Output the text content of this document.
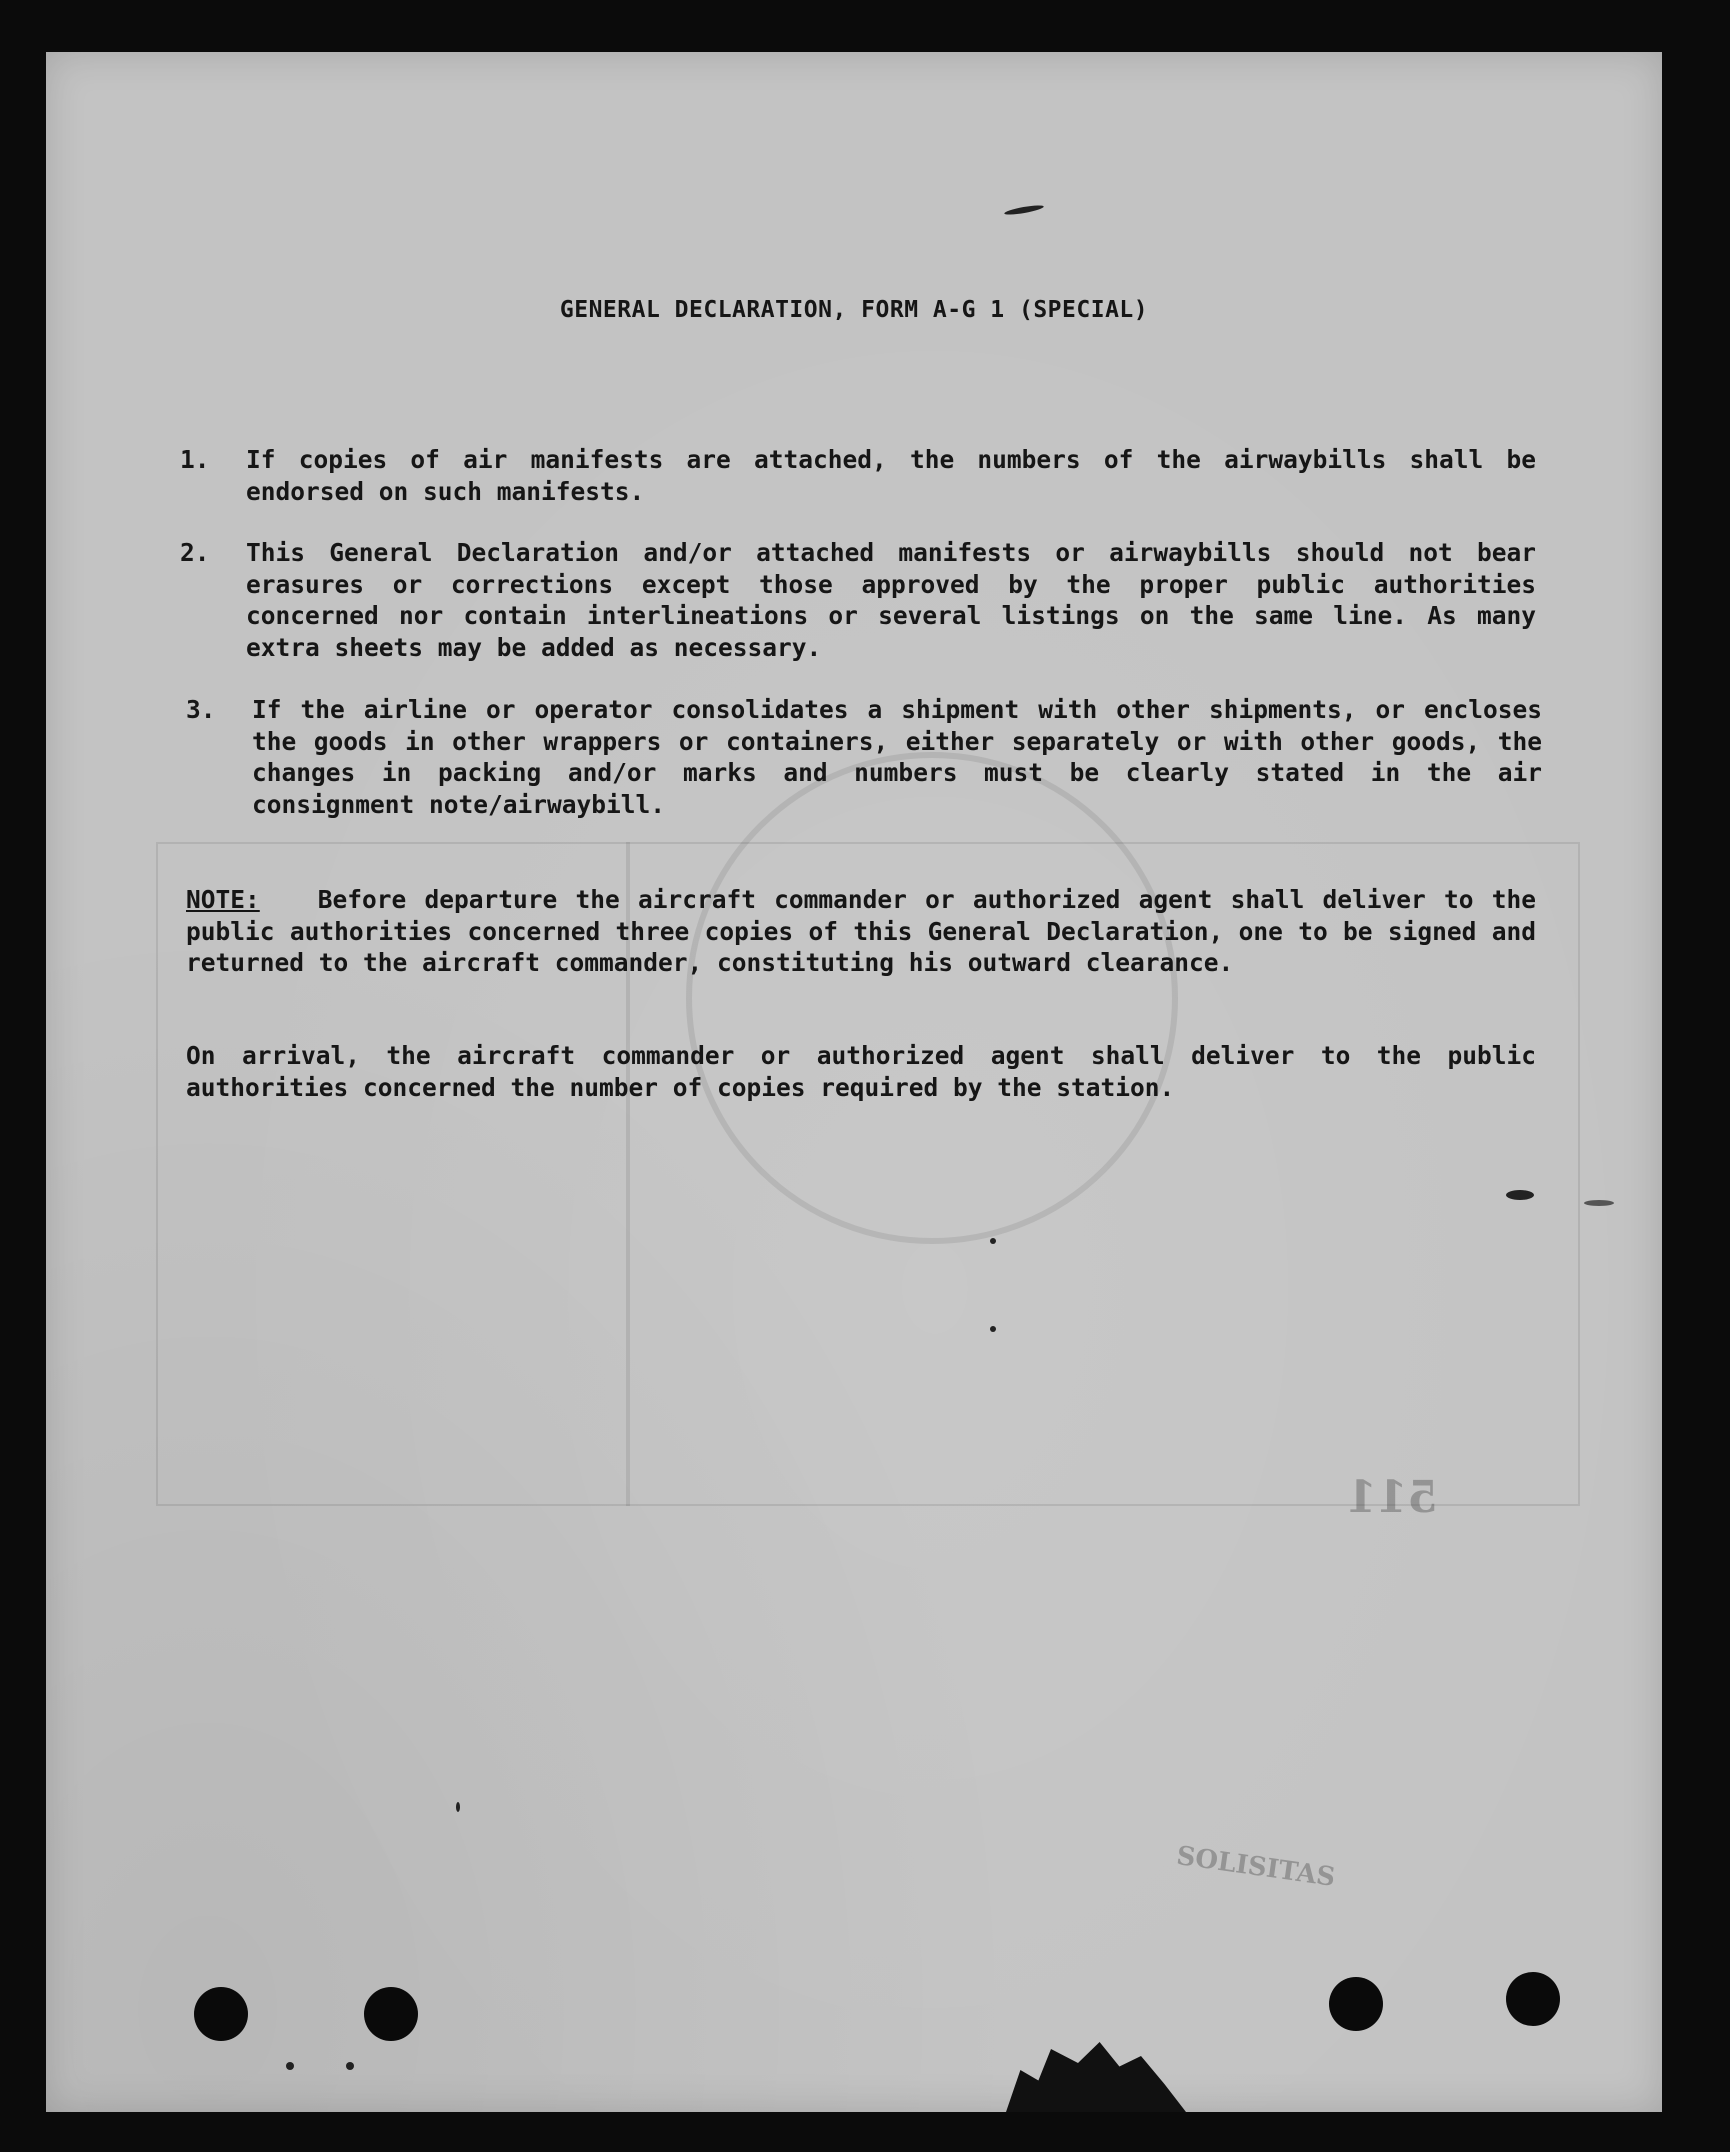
511
SOLISITAS
GENERAL DECLARATION, FORM A-G 1 (SPECIAL)
1. If copies of air manifests are attached, the numbers of the airwaybills shall be endorsed on such manifests.
2. This General Declaration and/or attached manifests or airwaybills should not bear erasures or corrections except those approved by the proper public authorities concerned nor contain interlineations or several listings on the same line. As many extra sheets may be added as necessary.
3. If the airline or operator consolidates a shipment with other shipments, or encloses the goods in other wrappers or containers, either separately or with other goods, the changes in packing and/or marks and numbers must be clearly stated in the air consignment note/airwaybill.
NOTE: Before departure the aircraft commander or authorized agent shall deliver to the public authorities concerned three copies of this General Declaration, one to be signed and returned to the aircraft commander, constituting his outward clearance.
On arrival, the aircraft commander or authorized agent shall deliver to the public authorities concerned the number of copies required by the station.
